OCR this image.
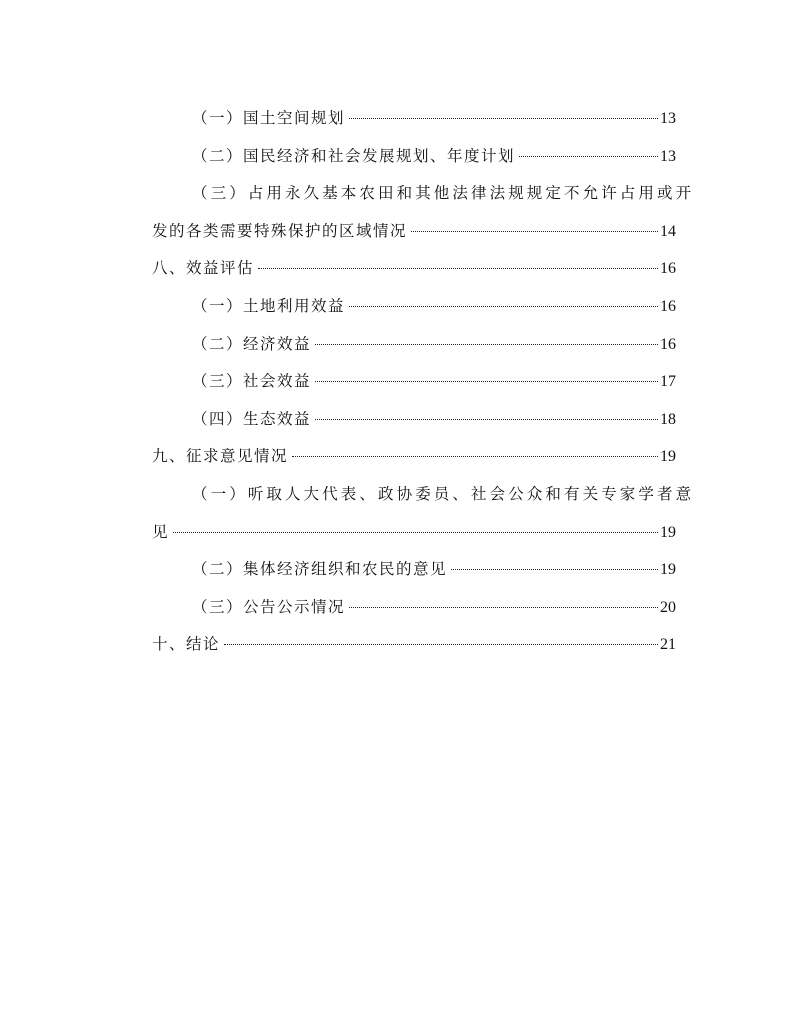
（一）国土空间规划	13
（二）国民经济和社会发展规划、年度计划	13
（三）占用永久基本农田和其他法律法规规定不允许占用或开
发的各类需要特殊保护的区域情况	14
八、效益评估	16
（一）土地利用效益	16
（二）经济效益	16
（三）社会效益	17
（四）生态效益	18
九、征求意见情况	19
（一）听取人大代表、政协委员、社会公众和有关专家学者意
见	19
（二）集体经济组织和农民的意见	19
（三）公告公示情况	20
十、结论	21
